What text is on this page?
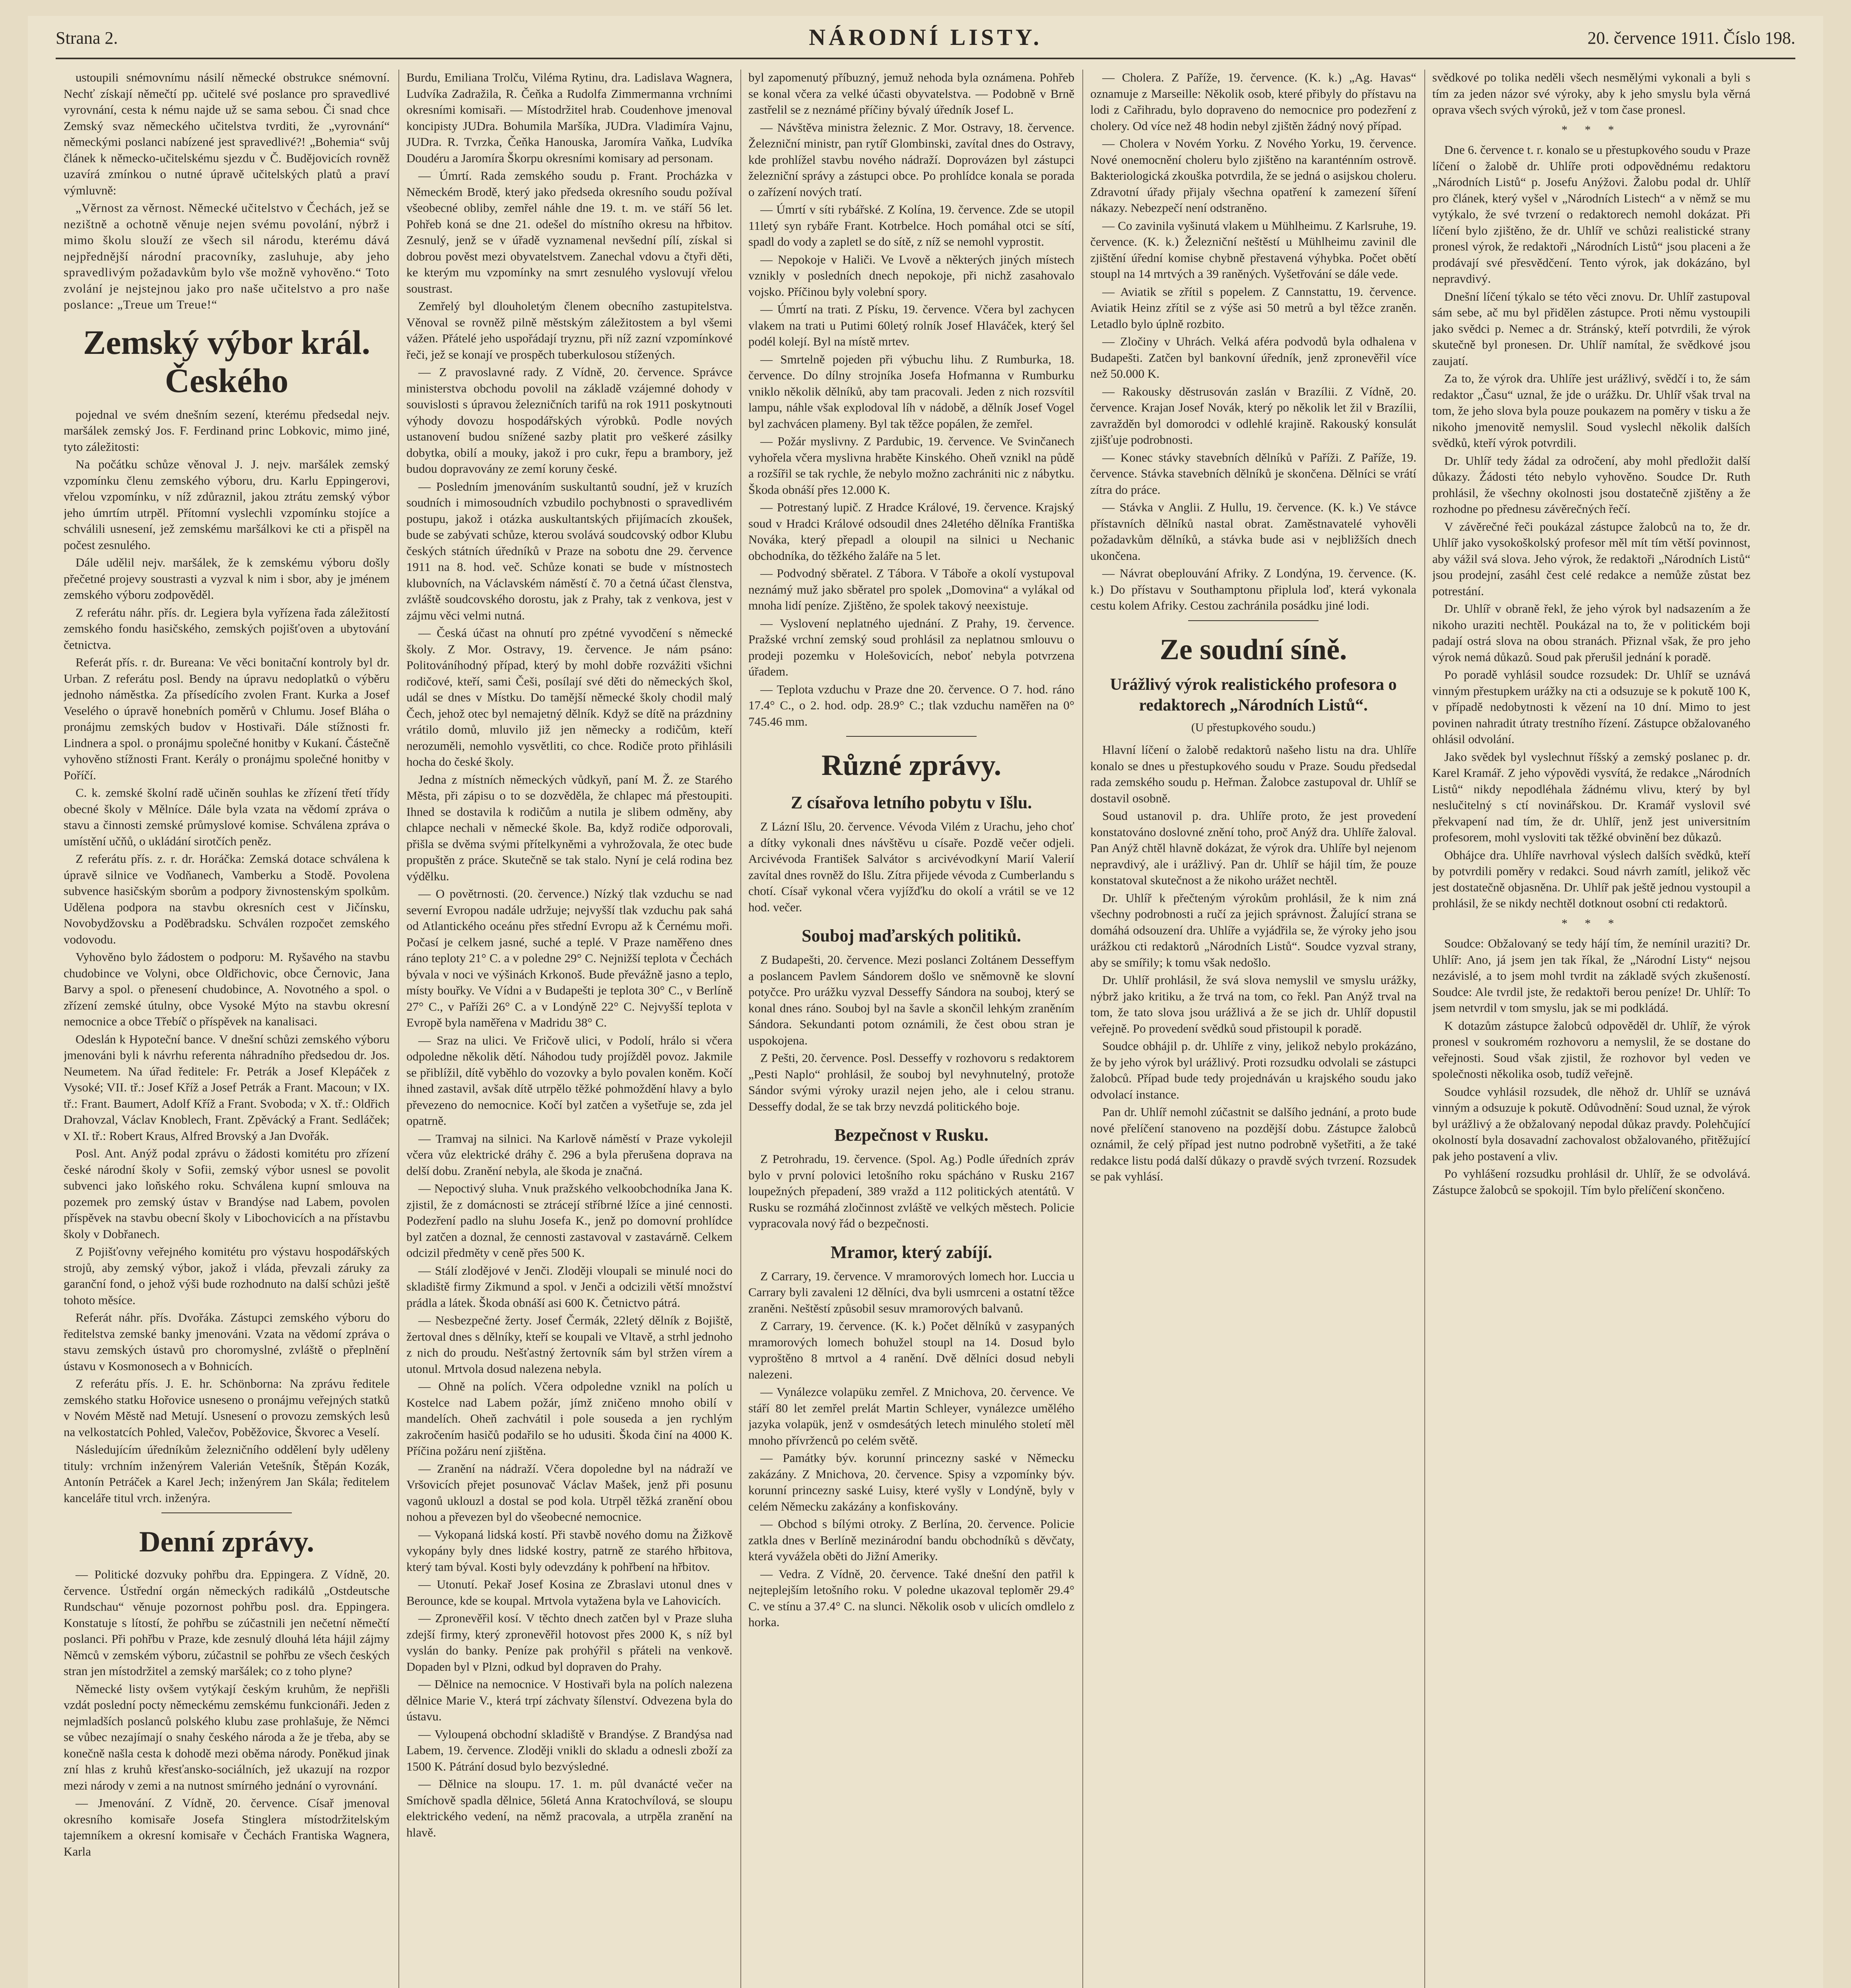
Strana 2.	NÁRODNÍ LISTY.	20. července 1911. Číslo 198.

ustoupili snémovnímu násilí německé obstrukce snémovní. Nechť získají němečtí pp. učitelé své poslance pro spravedlivé vyrovnání, cesta k nému najde už se sama sebou. Či snad chce Zemský svaz německého učitelstva tvrditi, že „vyrovnání“ německými poslanci nabízené jest spravedlivé?! „Bohemia“ svůj článek k německo-učitelskému sjezdu v Č. Budějovicích rovněž uzavírá zmínkou o nutné úpravě učitelských platů a praví výmluvně:

„Věrnost za věrnost. Německé učitelstvo v Čechách, jež se nezištně a ochotně věnuje nejen svému povolání, nýbrž i mimo školu slouží ze všech sil národu, kterému dává nejpřednější národní pracovníky, zasluhuje, aby jeho spravedlivým požadavkům bylo vše možně vyhověno.“ Toto zvolání je nejstejnou jako pro naše učitelstvo a pro naše poslance: „Treue um Treue!“

Zemský výbor král. Českého

pojednal ve svém dnešním sezení, kterému předsedal nejv. maršálek zemský Jos. F. Ferdinand princ Lobkovic, mimo jiné, tyto záležitosti:

Na počátku schůze věnoval J. J. nejv. maršálek zemský vzpomínku členu zemského výboru, dru. Karlu Eppingerovi, vřelou vzpomínku, v níž zdůraznil, jakou ztrátu zemský výbor jeho úmrtím utrpěl. Přítomní vyslechli vzpomínku stojíce a schválili usnesení, jež zemskému maršálkovi ke cti a přispěl na počest zesnulého.

Dále udělil nejv. maršálek, že k zemskému výboru došly přečetné projevy soustrasti a vyzval k nim i sbor, aby je jménem zemského výboru zodpověděl.

Z referátu náhr. přís. dr. Legiera byla vyřízena řada záležitostí zemského fondu hasičského, zemských pojišťoven a ubytování četnictva.

Referát přís. r. dr. Bureana: Ve věci bonitační kontroly byl dr. Urban. Z referátu posl. Bendy na úpravu nedoplatků o výběru jednoho náměstka. Za přísedícího zvolen Frant. Kurka a Josef Veselého o úpravě honebních poměrů v Chlumu. Josef Bláha o pronájmu zemských budov v Hostivaři. Dále stížnosti fr. Lindnera a spol. o pronájmu společné honitby v Kukaní. Částečně vyhověno stížnosti Frant. Kerály o pronájmu společné honitby v Poříčí.

C. k. zemské školní radě učiněn souhlas ke zřízení třetí třídy obecné školy v Mělníce. Dále byla vzata na vědomí zpráva o stavu a činnosti zemské průmyslové komise. Schválena zpráva o umístění učňů, o ukládání sirotčích peněz.

Z referátu přís. z. r. dr. Horáčka: Zemská dotace schválena k úpravě silnice ve Vodňanech, Vamberku a Stodě. Povolena subvence hasičským sborům a podpory živnostenským spolkům. Udělena podpora na stavbu okresních cest v Jičínsku, Novobydžovsku a Poděbradsku. Schválen rozpočet zemského vodovodu.

Vyhověno bylo žádostem o podporu: M. Ryšavého na stavbu chudobince ve Volyni, obce Oldřichovic, obce Černovic, Jana Barvy a spol. o přenesení chudobince, A. Novotného a spol. o zřízení zemské útulny, obce Vysoké Mýto na stavbu okresní nemocnice a obce Třebíč o příspěvek na kanalisaci.

Odeslán k Hypoteční bance. V dnešní schůzi zemského výboru jmenováni byli k návrhu referenta náhradního předsedou dr. Jos. Neumetem. Na úřad ředitele: Fr. Petrák a Josef Klepáček z Vysoké; VII. tř.: Josef Kříž a Josef Petrák a Frant. Macoun; v IX. tř.: Frant. Baumert, Adolf Kříž a Frant. Svoboda; v X. tř.: Oldřich Drahovzal, Václav Knoblech, Frant. Zpěvácký a Frant. Sedláček; v XI. tř.: Robert Kraus, Alfred Brovský a Jan Dvořák.

Posl. Ant. Anýž podal zprávu o žádosti komitétu pro zřízení české národní školy v Sofii, zemský výbor usnesl se povolit subvenci jako loňského roku. Schválena kupní smlouva na pozemek pro zemský ústav v Brandýse nad Labem, povolen příspěvek na stavbu obecní školy v Libochovicích a na přístavbu školy v Dobřanech.

Z Pojišťovny veřejného komitétu pro výstavu hospodářských strojů, aby zemský výbor, jakož i vláda, převzali záruky za garanční fond, o jehož výši bude rozhodnuto na další schůzi ještě tohoto měsíce.

Referát náhr. přís. Dvořáka. Zástupci zemského výboru do ředitelstva zemské banky jmenováni. Vzata na vědomí zpráva o stavu zemských ústavů pro choromyslné, zvláště o přeplnění ústavu v Kosmonosech a v Bohnicích.

Z referátu přís. J. E. hr. Schönborna: Na zprávu ředitele zemského statku Hořovice usneseno o pronájmu veřejných statků v Novém Městě nad Metují. Usnesení o provozu zemských lesů na velkostatcích Pohled, Valečov, Poběžovice, Škvorec a Veselí.

Následujícím úředníkům železničního oddělení byly uděleny tituly: vrchním inženýrem Valerián Vetešník, Štěpán Kozák, Antonín Petráček a Karel Jech; inženýrem Jan Skála; ředitelem kanceláře titul vrch. inženýra.

Denní zprávy.

— Politické dozvuky pohřbu dra. Eppingera. Z Vídně, 20. července. Ústřední orgán německých radikálů „Ostdeutsche Rundschau“ věnuje pozornost pohřbu posl. dra. Eppingera. Konstatuje s lítostí, že pohřbu se zúčastnili jen nečetní němečtí poslanci. Při pohřbu v Praze, kde zesnulý dlouhá léta hájil zájmy Němců v zemském výboru, zúčastnil se pohřbu ze všech českých stran jen místodržitel a zemský maršálek; co z toho plyne?

Německé listy ovšem vytýkají českým kruhům, že nepřišli vzdát poslední pocty německému zemskému funkcionáři. Jeden z nejmladších poslanců polského klubu zase prohlašuje, že Němci se vůbec nezajímají o snahy českého národa a že je třeba, aby se konečně našla cesta k dohodě mezi oběma národy. Poněkud jinak zní hlas z kruhů křesťansko-sociálních, jež ukazují na rozpor mezi národy v zemi a na nutnost smírného jednání o vyrovnání.

— Jmenování. Z Vídně, 20. července. Císař jmenoval okresního komisaře Josefa Stinglera místodržitelským tajemníkem a okresní komisaře v Čechách Frantiska Wagnera, Karla

Burdu, Emiliana Trolču, Viléma Rytinu, dra. Ladislava Wagnera, Ludvíka Zadražila, R. Čeňka a Rudolfa Zimmermanna vrchními okresními komisaři. — Místodržitel hrab. Coudenhove jmenoval koncipisty JUDra. Bohumila Maršíka, JUDra. Vladimíra Vajnu, JUDra. R. Tvrzka, Čeňka Hanouska, Jaromíra Vaňka, Ludvíka Doudéru a Jaromíra Škorpu okresními komisary ad personam.

— Úmrtí. Rada zemského soudu p. Frant. Procházka v Německém Brodě, který jako předseda okresního soudu požíval všeobecné obliby, zemřel náhle dne 19. t. m. ve stáří 56 let. Pohřeb koná se dne 21. odešel do místního okresu na hřbitov. Zesnulý, jenž se v úřadě vyznamenal nevšední pílí, získal si dobrou pověst mezi obyvatelstvem. Zanechal vdovu a čtyři děti, ke kterým mu vzpomínky na smrt zesnulého vyslovují vřelou soustrast.

Zemřelý byl dlouholetým členem obecního zastupitelstva. Věnoval se rovněž pilně městským záležitostem a byl všemi vážen. Přátelé jeho uspořádají tryznu, při níž zazní vzpomínkové řeči, jež se konají ve prospěch tuberkulosou stížených.

— Z pravoslavné rady. Z Vídně, 20. července. Správce ministerstva obchodu povolil na základě vzájemné dohody v souvislosti s úpravou železničních tarifů na rok 1911 poskytnouti výhody dovozu hospodářských výrobků. Podle nových ustanovení budou snížené sazby platit pro veškeré zásilky dobytka, obilí a mouky, jakož i pro cukr, řepu a brambory, jež budou dopravovány ze zemí koruny české.

— Posledním jmenováním suskultantů soudní, jež v kruzích soudních i mimosoudních vzbudilo pochybnosti o spravedlivém postupu, jakož i otázka auskultantských přijímacích zkoušek, bude se zabývati schůze, kterou svolává soudcovský odbor Klubu českých státních úředníků v Praze na sobotu dne 29. července 1911 na 8. hod. več. Schůze konati se bude v místnostech klubovních, na Václavském náměstí č. 70 a četná účast členstva, zvláště soudcovského dorostu, jak z Prahy, tak z venkova, jest v zájmu věci velmi nutná.

— Česká účast na ohnutí pro zpétné vyvodčení s německé školy. Z Mor. Ostravy, 19. července. Je nám psáno: Politováníhodný případ, který by mohl dobře rozvážiti všichni rodičové, kteří, sami Češi, posílají své děti do německých škol, udál se dnes v Místku. Do tamější německé školy chodil malý Čech, jehož otec byl nemajetný dělník. Když se dítě na prázdniny vrátilo domů, mluvilo již jen německy a rodičům, kteří nerozuměli, nemohlo vysvětliti, co chce. Rodiče proto přihlásili hocha do české školy.

Jedna z místních německých vůdkyň, paní M. Ž. ze Starého Města, při zápisu o to se dozvěděla, že chlapec má přestoupiti. Ihned se dostavila k rodičům a nutila je slibem odměny, aby chlapce nechali v německé škole. Ba, když rodiče odporovali, přišla se dvěma svými přítelkyněmi a vyhrožovala, že otec bude propuštěn z práce. Skutečně se tak stalo. Nyní je celá rodina bez výdělku.

— O povětrnosti. (20. července.) Nízký tlak vzduchu se nad severní Evropou nadále udržuje; nejvyšší tlak vzduchu pak sahá od Atlantického oceánu přes střední Evropu až k Černému moři. Počasí je celkem jasné, suché a teplé. V Praze naměřeno dnes ráno teploty 21° C. a v poledne 29° C. Nejnižší teplota v Čechách bývala v noci ve výšinách Krkonoš. Bude převážně jasno a teplo, místy bouřky. Ve Vídni a v Budapešti je teplota 30° C., v Berlíně 27° C., v Paříži 26° C. a v Londýně 22° C. Nejvyšší teplota v Evropě byla naměřena v Madridu 38° C.

— Sraz na ulici. Ve Fričově ulici, v Podolí, hrálo si včera odpoledne několik dětí. Náhodou tudy projížděl povoz. Jakmile se přiblížil, dítě vyběhlo do vozovky a bylo povalen koněm. Kočí ihned zastavil, avšak dítě utrpělo těžké pohmoždění hlavy a bylo převezeno do nemocnice. Kočí byl zatčen a vyšetřuje se, zda jel opatrně.

— Tramvaj na silnici. Na Karlově náměstí v Praze vykolejil včera vůz elektrické dráhy č. 296 a byla přerušena doprava na delší dobu. Zranění nebyla, ale škoda je značná.

— Nepoctivý sluha. Vnuk pražského velkoobchodníka Jana K. zjistil, že z domácnosti se ztrácejí stříbrné lžíce a jiné cennosti. Podezření padlo na sluhu Josefa K., jenž po domovní prohlídce byl zatčen a doznal, že cennosti zastavoval v zastavárně. Celkem odcizil předměty v ceně přes 500 K.

— Stálí zlodějové v Jenči. Zloději vloupali se minulé noci do skladiště firmy Zikmund a spol. v Jenči a odcizili větší množství prádla a látek. Škoda obnáší asi 600 K. Četnictvo pátrá.

— Nesbezpečné žerty. Josef Čermák, 22letý dělník z Bojiště, žertoval dnes s dělníky, kteří se koupali ve Vltavě, a strhl jednoho z nich do proudu. Nešťastný žertovník sám byl stržen vírem a utonul. Mrtvola dosud nalezena nebyla.

— Ohně na polích. Včera odpoledne vznikl na polích u Kostelce nad Labem požár, jímž zničeno mnoho obilí v mandelích. Oheň zachvátil i pole souseda a jen rychlým zakročením hasičů podařilo se ho udusiti. Škoda činí na 4000 K. Příčina požáru není zjištěna.

— Zranění na nádraží. Včera dopoledne byl na nádraží ve Vršovicích přejet posunovač Václav Mašek, jenž při posunu vagonů uklouzl a dostal se pod kola. Utrpěl těžká zranění obou nohou a převezen byl do všeobecné nemocnice.

— Vykopaná lidská kostí. Při stavbě nového domu na Žižkově vykopány byly dnes lidské kostry, patrně ze starého hřbitova, který tam býval. Kosti byly odevzdány k pohřbení na hřbitov.

— Utonutí. Pekař Josef Kosina ze Zbraslavi utonul dnes v Berounce, kde se koupal. Mrtvola vytažena byla ve Lahovicích.

— Zpronevěřil kosí. V těchto dnech zatčen byl v Praze sluha zdejší firmy, který zpronevěřil hotovost přes 2000 K, s níž byl vyslán do banky. Peníze pak prohýřil s přáteli na venkově. Dopaden byl v Plzni, odkud byl dopraven do Prahy.

— Dělnice na nemocnice. V Hostivaři byla na polích nalezena dělnice Marie V., která trpí záchvaty šílenství. Odvezena byla do ústavu.

— Vyloupená obchodní skladiště v Brandýse. Z Brandýsa nad Labem, 19. července. Zloději vnikli do skladu a odnesli zboží za 1500 K. Pátrání dosud bylo bezvýsledné.

— Dělnice na sloupu. 17. 1. m. půl dvanácté večer na Smíchově spadla dělnice, 56letá Anna Kratochvílová, se sloupu elektrického vedení, na němž pracovala, a utrpěla zranění na hlavě.

byl zapomenutý příbuzný, jemuž nehoda byla oznámena. Pohřeb se konal včera za velké účasti obyvatelstva. — Podobně v Brně zastřelil se z neznámé příčiny bývalý úředník Josef L.

— Návštěva ministra železnic. Z Mor. Ostravy, 18. července. Železniční ministr, pan rytíř Glombinski, zavítal dnes do Ostravy, kde prohlížel stavbu nového nádraží. Doprovázen byl zástupci železniční správy a zástupci obce. Po prohlídce konala se porada o zařízení nových tratí.

— Úmrtí v síti rybářské. Z Kolína, 19. července. Zde se utopil 11letý syn rybáře Frant. Kotrbelce. Hoch pomáhal otci se sítí, spadl do vody a zapletl se do sítě, z níž se nemohl vyprostit.

— Nepokoje v Haliči. Ve Lvově a některých jiných místech vznikly v posledních dnech nepokoje, při nichž zasahovalo vojsko. Příčinou byly volební spory.

— Úmrtí na trati. Z Písku, 19. července. Včera byl zachycen vlakem na trati u Putimi 60letý rolník Josef Hlaváček, který šel podél kolejí. Byl na místě mrtev.

— Smrtelně pojeden při výbuchu lihu. Z Rumburka, 18. července. Do dílny strojníka Josefa Hofmanna v Rumburku vniklo několik dělníků, aby tam pracovali. Jeden z nich rozsvítil lampu, náhle však explodoval líh v nádobě, a dělník Josef Vogel byl zachvácen plameny. Byl tak těžce popálen, že zemřel.

— Požár myslivny. Z Pardubic, 19. července. Ve Svinčanech vyhořela včera myslivna hraběte Kinského. Oheň vznikl na půdě a rozšířil se tak rychle, že nebylo možno zachrániti nic z nábytku. Škoda obnáší přes 12.000 K.

— Potrestaný lupič. Z Hradce Králové, 19. července. Krajský soud v Hradci Králové odsoudil dnes 24letého dělníka Františka Nováka, který přepadl a oloupil na silnici u Nechanic obchodníka, do těžkého žaláře na 5 let.

— Podvodný sběratel. Z Tábora. V Táboře a okolí vystupoval neznámý muž jako sběratel pro spolek „Domovina“ a vylákal od mnoha lidí peníze. Zjištěno, že spolek takový neexistuje.

— Vyslovení neplatného ujednání. Z Prahy, 19. července. Pražské vrchní zemský soud prohlásil za neplatnou smlouvu o prodeji pozemku v Holešovicích, neboť nebyla potvrzena úřadem.

— Teplota vzduchu v Praze dne 20. července. O 7. hod. ráno 17.4° C., o 2. hod. odp. 28.9° C.; tlak vzduchu naměřen na 0° 745.46 mm.

Různé zprávy.
Z císařova letního pobytu v Išlu.

Z Lázní Išlu, 20. července. Vévoda Vilém z Urachu, jeho choť a dítky vykonali dnes návštěvu u císaře. Pozdě večer odjeli. Arcivévoda František Salvátor s arcivévodkyní Marií Valerií zavítal dnes rovněž do Išlu. Zítra přijede vévoda z Cumberlandu s chotí. Císař vykonal včera vyjížďku do okolí a vrátil se ve 12 hod. večer.

Souboj maďarských politiků.

Z Budapešti, 20. července. Mezi poslanci Zoltánem Desseffym a poslancem Pavlem Sándorem došlo ve sněmovně ke slovní potyčce. Pro urážku vyzval Desseffy Sándora na souboj, který se konal dnes ráno. Souboj byl na šavle a skončil lehkým zraněním Sándora. Sekundanti potom oznámili, že čest obou stran je uspokojena.

Z Pešti, 20. července. Posl. Desseffy v rozhovoru s redaktorem „Pesti Naplo“ prohlásil, že souboj byl nevyhnutelný, protože Sándor svými výroky urazil nejen jeho, ale i celou stranu. Desseffy dodal, že se tak brzy nevzdá politického boje.

Bezpečnost v Rusku.

Z Petrohradu, 19. července. (Spol. Ag.) Podle úředních zpráv bylo v první polovici letošního roku spácháno v Rusku 2167 loupežných přepadení, 389 vražd a 112 politických atentátů. V Rusku se rozmáhá zločinnost zvláště ve velkých městech. Policie vypracovala nový řád o bezpečnosti.

Mramor, který zabíjí.

Z Carrary, 19. července. V mramorových lomech hor. Luccia u Carrary byli zavaleni 12 dělníci, dva byli usmrceni a ostatní těžce zraněni. Neštěstí způsobil sesuv mramorových balvanů.

Z Carrary, 19. července. (K. k.) Počet dělníků v zasypaných mramorových lomech bohužel stoupl na 14. Dosud bylo vyproštěno 8 mrtvol a 4 ranění. Dvě dělníci dosud nebyli nalezeni.

— Vynálezce volapüku zemřel. Z Mnichova, 20. července. Ve stáří 80 let zemřel prelát Martin Schleyer, vynálezce umělého jazyka volapük, jenž v osmdesátých letech minulého století měl mnoho přívrženců po celém světě.

— Památky býv. korunní princezny saské v Německu zakázány. Z Mnichova, 20. července. Spisy a vzpomínky býv. korunní princezny saské Luisy, které vyšly v Londýně, byly v celém Německu zakázány a konfiskovány.

— Obchod s bílými otroky. Z Berlína, 20. července. Policie zatkla dnes v Berlíně mezinárodní bandu obchodníků s děvčaty, která vyvážela oběti do Jižní Ameriky.

— Vedra. Z Vídně, 20. července. Také dnešní den patřil k nejteplejším letošního roku. V poledne ukazoval teploměr 29.4° C. ve stínu a 37.4° C. na slunci. Několik osob v ulicích omdlelo z horka.

— Cholera. Z Paříže, 19. července. (K. k.) „Ag. Havas“ oznamuje z Marseille: Několik osob, které přibyly do přístavu na lodi z Cařihradu, bylo dopraveno do nemocnice pro podezření z cholery. Od více než 48 hodin nebyl zjištěn žádný nový případ.

— Cholera v Novém Yorku. Z Nového Yorku, 19. července. Nové onemocnění choleru bylo zjištěno na karanténním ostrově. Bakteriologická zkouška potvrdila, že se jedná o asijskou choleru. Zdravotní úřady přijaly všechna opatření k zamezení šíření nákazy. Nebezpečí není odstraněno.

— Co zavinila vyšinutá vlakem u Mühlheimu. Z Karlsruhe, 19. července. (K. k.) Železniční neštěstí u Mühlheimu zavinil dle zjištění úřední komise chybně přestavená výhybka. Počet obětí stoupl na 14 mrtvých a 39 raněných. Vyšetřování se dále vede.

— Aviatik se zřítil s popelem. Z Cannstattu, 19. července. Aviatik Heinz zřítil se z výše asi 50 metrů a byl těžce zraněn. Letadlo bylo úplně rozbito.

— Zločiny v Uhrách. Velká aféra podvodů byla odhalena v Budapešti. Zatčen byl bankovní úředník, jenž zpronevěřil více než 50.000 K.

— Rakousky děstrusován zaslán v Brazílii. Z Vídně, 20. července. Krajan Josef Novák, který po několik let žil v Brazílii, zavražděn byl domorodci v odlehlé krajině. Rakouský konsulát zjišťuje podrobnosti.

— Konec stávky stavebních dělníků v Paříži. Z Paříže, 19. července. Stávka stavebních dělníků je skončena. Dělníci se vrátí zítra do práce.

— Stávka v Anglii. Z Hullu, 19. července. (K. k.) Ve stávce přístavních dělníků nastal obrat. Zaměstnavatelé vyhověli požadavkům dělníků, a stávka bude asi v nejbližších dnech ukončena.

— Návrat obeplouvání Afriky. Z Londýna, 19. července. (K. k.) Do přístavu v Southamptonu připlula loď, která vykonala cestu kolem Afriky. Cestou zachránila posádku jiné lodi.

Ze soudní síně.
Urážlivý výrok realistického profesora o redaktorech „Národních Listů“.
(U přestupkového soudu.)

Hlavní líčení o žalobě redaktorů našeho listu na dra. Uhlíře konalo se dnes u přestupkového soudu v Praze. Soudu předsedal rada zemského soudu p. Heřman. Žalobce zastupoval dr. Uhlíř se dostavil osobně.

Soud ustanovil p. dra. Uhlíře proto, že jest provedení konstatováno doslovné znění toho, proč Anýž dra. Uhlíře žaloval. Pan Anýž chtěl hlavně dokázat, že výrok dra. Uhlíře byl nejenom nepravdivý, ale i urážlivý. Pan dr. Uhlíř se hájil tím, že pouze konstatoval skutečnost a že nikoho urážet nechtěl.

Dr. Uhlíř k přečteným výrokům prohlásil, že k nim zná všechny podrobnosti a ručí za jejich správnost. Žalující strana se domáhá odsouzení dra. Uhlíře a vyjádřila se, že výroky jeho jsou urážkou cti redaktorů „Národních Listů“. Soudce vyzval strany, aby se smířily; k tomu však nedošlo.

Dr. Uhlíř prohlásil, že svá slova nemyslil ve smyslu urážky, nýbrž jako kritiku, a že trvá na tom, co řekl. Pan Anýž trval na tom, že tato slova jsou urážlivá a že se jich dr. Uhlíř dopustil veřejně. Po provedení svědků soud přistoupil k poradě.

Soudce obhájil p. dr. Uhlíře z viny, jelikož nebylo prokázáno, že by jeho výrok byl urážlivý. Proti rozsudku odvolali se zástupci žalobců. Případ bude tedy projednáván u krajského soudu jako odvolací instance.

Pan dr. Uhlíř nemohl zúčastnit se dalšího jednání, a proto bude nové přelíčení stanoveno na pozdější dobu. Zástupce žalobců oznámil, že celý případ jest nutno podrobně vyšetřiti, a že také redakce listu podá další důkazy o pravdě svých tvrzení. Rozsudek se pak vyhlásí.

svědkové po tolika neděli všech nesmělými vykonali a byli s tím za jeden názor své výroky, aby k jeho smyslu byla věrná oprava všech svých výroků, jež v tom čase pronesl.

* * *

Dne 6. července t. r. konalo se u přestupkového soudu v Praze líčení o žalobě dr. Uhlíře proti odpovědnému redaktoru „Národních Listů“ p. Josefu Anýžovi. Žalobu podal dr. Uhlíř pro článek, který vyšel v „Národních Listech“ a v němž se mu vytýkalo, že své tvrzení o redaktorech nemohl dokázat. Při líčení bylo zjištěno, že dr. Uhlíř ve schůzi realistické strany pronesl výrok, že redaktoři „Národních Listů“ jsou placeni a že prodávají své přesvědčení. Tento výrok, jak dokázáno, byl nepravdivý.

Dnešní líčení týkalo se této věci znovu. Dr. Uhlíř zastupoval sám sebe, ač mu byl přidělen zástupce. Proti němu vystoupili jako svědci p. Nemec a dr. Stránský, kteří potvrdili, že výrok skutečně byl pronesen. Dr. Uhlíř namítal, že svědkové jsou zaujatí.

Za to, že výrok dra. Uhlíře jest urážlivý, svědčí i to, že sám redaktor „Času“ uznal, že jde o urážku. Dr. Uhlíř však trval na tom, že jeho slova byla pouze poukazem na poměry v tisku a že nikoho jmenovitě nemyslil. Soud vyslechl několik dalších svědků, kteří výrok potvrdili.

Dr. Uhlíř tedy žádal za odročení, aby mohl předložit další důkazy. Žádosti této nebylo vyhověno. Soudce Dr. Ruth prohlásil, že všechny okolnosti jsou dostatečně zjištěny a že rozhodne po přednesu závěrečných řečí.

V závěrečné řeči poukázal zástupce žalobců na to, že dr. Uhlíř jako vysokoškolský profesor měl mít tím větší povinnost, aby vážil svá slova. Jeho výrok, že redaktoři „Národních Listů“ jsou prodejní, zasáhl čest celé redakce a nemůže zůstat bez potrestání.

Dr. Uhlíř v obraně řekl, že jeho výrok byl nadsazením a že nikoho uraziti nechtěl. Poukázal na to, že v politickém boji padají ostrá slova na obou stranách. Přiznal však, že pro jeho výrok nemá důkazů. Soud pak přerušil jednání k poradě.

Po poradě vyhlásil soudce rozsudek: Dr. Uhlíř se uznává vinným přestupkem urážky na cti a odsuzuje se k pokutě 100 K, v případě nedobytnosti k vězení na 10 dní. Mimo to jest povinen nahradit útraty trestního řízení. Zástupce obžalovaného ohlásil odvolání.

Jako svědek byl vyslechnut říšský a zemský poslanec p. dr. Karel Kramář. Z jeho výpovědi vysvítá, že redakce „Národních Listů“ nikdy nepodléhala žádnému vlivu, který by byl neslučitelný s ctí novinářskou. Dr. Kramář vyslovil své překvapení nad tím, že dr. Uhlíř, jenž jest universitním profesorem, mohl vysloviti tak těžké obvinění bez důkazů.

Obhájce dra. Uhlíře navrhoval výslech dalších svědků, kteří by potvrdili poměry v redakci. Soud návrh zamítl, jelikož věc jest dostatečně objasněna. Dr. Uhlíř pak ještě jednou vystoupil a prohlásil, že se nikdy nechtěl dotknout osobní cti redaktorů.

* * *

Soudce: Obžalovaný se tedy hájí tím, že nemínil uraziti? Dr. Uhlíř: Ano, já jsem jen tak říkal, že „Národní Listy“ nejsou nezávislé, a to jsem mohl tvrdit na základě svých zkušeností. Soudce: Ale tvrdil jste, že redaktoři berou peníze! Dr. Uhlíř: To jsem netvrdil v tom smyslu, jak se mi podkládá.

K dotazům zástupce žalobců odpověděl dr. Uhlíř, že výrok pronesl v soukromém rozhovoru a nemyslil, že se dostane do veřejnosti. Soud však zjistil, že rozhovor byl veden ve společnosti několika osob, tudíž veřejně.

Soudce vyhlásil rozsudek, dle něhož dr. Uhlíř se uznává vinným a odsuzuje k pokutě. Odůvodnění: Soud uznal, že výrok byl urážlivý a že obžalovaný nepodal důkaz pravdy. Polehčující okolností byla dosavadní zachovalost obžalovaného, přitěžující pak jeho postavení a vliv.

Po vyhlášení rozsudku prohlásil dr. Uhlíř, že se odvolává. Zástupce žalobců se spokojil. Tím bylo přelíčení skončeno.
